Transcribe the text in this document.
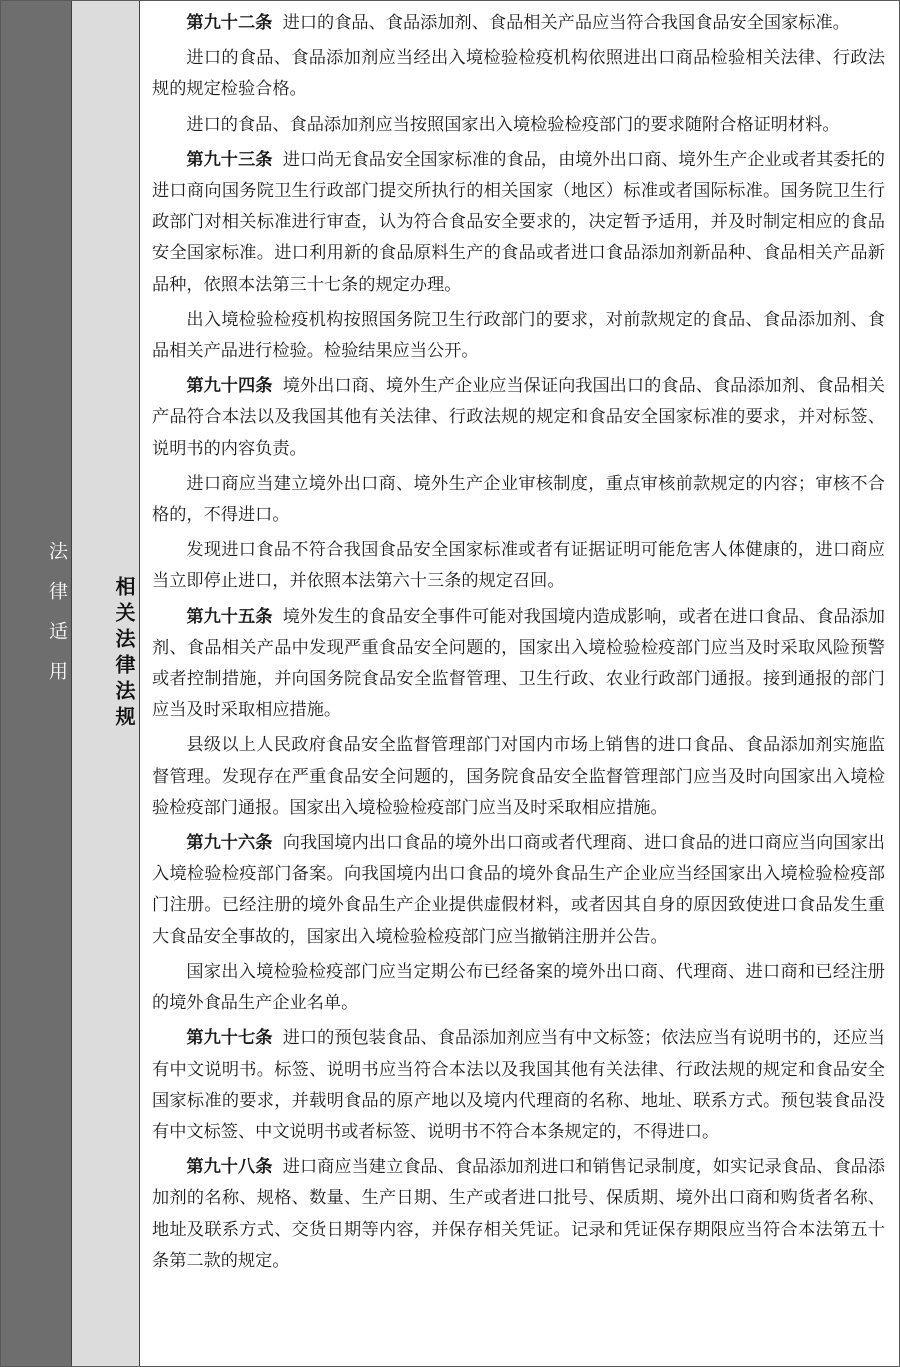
法律适用	相关法律法规

第九十二条 进口的食品、食品添加剂、食品相关产品应当符合我国食品安全国家标准。

进口的食品、食品添加剂应当经出入境检验检疫机构依照进出口商品检验相关法律、行政法规的规定检验合格。

进口的食品、食品添加剂应当按照国家出入境检验检疫部门的要求随附合格证明材料。

第九十三条 进口尚无食品安全国家标准的食品，由境外出口商、境外生产企业或者其委托的进口商向国务院卫生行政部门提交所执行的相关国家（地区）标准或者国际标准。国务院卫生行政部门对相关标准进行审查，认为符合食品安全要求的，决定暂予适用，并及时制定相应的食品安全国家标准。进口利用新的食品原料生产的食品或者进口食品添加剂新品种、食品相关产品新品种，依照本法第三十七条的规定办理。

出入境检验检疫机构按照国务院卫生行政部门的要求，对前款规定的食品、食品添加剂、食品相关产品进行检验。检验结果应当公开。

第九十四条 境外出口商、境外生产企业应当保证向我国出口的食品、食品添加剂、食品相关产品符合本法以及我国其他有关法律、行政法规的规定和食品安全国家标准的要求，并对标签、说明书的内容负责。

进口商应当建立境外出口商、境外生产企业审核制度，重点审核前款规定的内容；审核不合格的，不得进口。

发现进口食品不符合我国食品安全国家标准或者有证据证明可能危害人体健康的，进口商应当立即停止进口，并依照本法第六十三条的规定召回。

第九十五条 境外发生的食品安全事件可能对我国境内造成影响，或者在进口食品、食品添加剂、食品相关产品中发现严重食品安全问题的，国家出入境检验检疫部门应当及时采取风险预警或者控制措施，并向国务院食品安全监督管理、卫生行政、农业行政部门通报。接到通报的部门应当及时采取相应措施。

县级以上人民政府食品安全监督管理部门对国内市场上销售的进口食品、食品添加剂实施监督管理。发现存在严重食品安全问题的，国务院食品安全监督管理部门应当及时向国家出入境检验检疫部门通报。国家出入境检验检疫部门应当及时采取相应措施。

第九十六条 向我国境内出口食品的境外出口商或者代理商、进口食品的进口商应当向国家出入境检验检疫部门备案。向我国境内出口食品的境外食品生产企业应当经国家出入境检验检疫部门注册。已经注册的境外食品生产企业提供虚假材料，或者因其自身的原因致使进口食品发生重大食品安全事故的，国家出入境检验检疫部门应当撤销注册并公告。

国家出入境检验检疫部门应当定期公布已经备案的境外出口商、代理商、进口商和已经注册的境外食品生产企业名单。

第九十七条 进口的预包装食品、食品添加剂应当有中文标签；依法应当有说明书的，还应当有中文说明书。标签、说明书应当符合本法以及我国其他有关法律、行政法规的规定和食品安全国家标准的要求，并载明食品的原产地以及境内代理商的名称、地址、联系方式。预包装食品没有中文标签、中文说明书或者标签、说明书不符合本条规定的，不得进口。

第九十八条 进口商应当建立食品、食品添加剂进口和销售记录制度，如实记录食品、食品添加剂的名称、规格、数量、生产日期、生产或者进口批号、保质期、境外出口商和购货者名称、地址及联系方式、交货日期等内容，并保存相关凭证。记录和凭证保存期限应当符合本法第五十条第二款的规定。
